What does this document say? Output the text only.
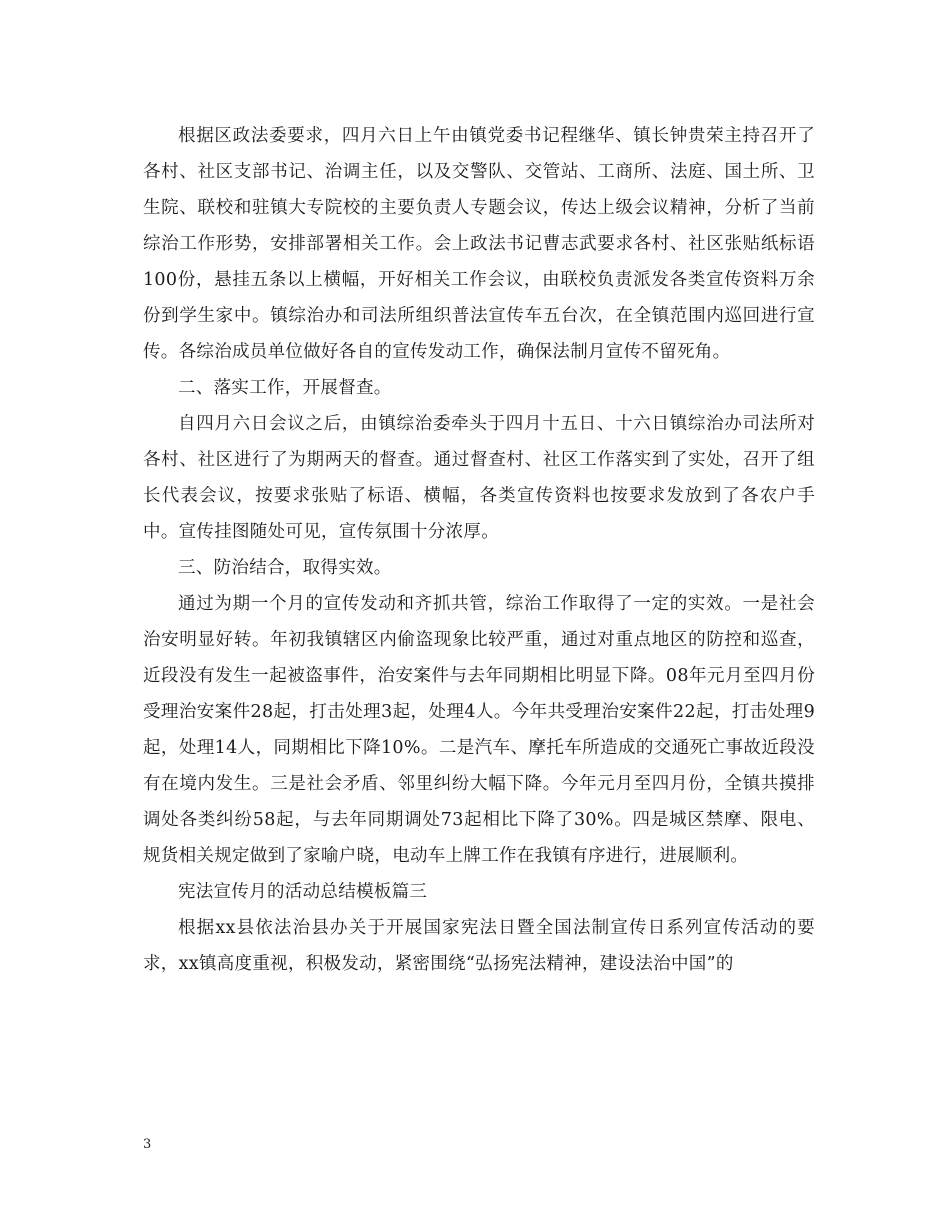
根据区政法委要求，四月六日上午由镇党委书记程继华、镇长钟贵荣主持召开了各村、社区支部书记、治调主任，以及交警队、交管站、工商所、法庭、国土所、卫生院、联校和驻镇大专院校的主要负责人专题会议，传达上级会议精神，分析了当前综治工作形势，安排部署相关工作。会上政法书记曹志武要求各村、社区张贴纸标语100份，悬挂五条以上横幅，开好相关工作会议，由联校负责派发各类宣传资料万余份到学生家中。镇综治办和司法所组织普法宣传车五台次，在全镇范围内巡回进行宣传。各综治成员单位做好各自的宣传发动工作，确保法制月宣传不留死角。

二、落实工作，开展督查。

自四月六日会议之后，由镇综治委牵头于四月十五日、十六日镇综治办司法所对各村、社区进行了为期两天的督查。通过督查村、社区工作落实到了实处，召开了组长代表会议，按要求张贴了标语、横幅，各类宣传资料也按要求发放到了各农户手中。宣传挂图随处可见，宣传氛围十分浓厚。

三、防治结合，取得实效。

通过为期一个月的宣传发动和齐抓共管，综治工作取得了一定的实效。一是社会治安明显好转。年初我镇辖区内偷盗现象比较严重，通过对重点地区的防控和巡查，近段没有发生一起被盗事件，治安案件与去年同期相比明显下降。08年元月至四月份受理治安案件28起，打击处理3起，处理4人。今年共受理治安案件22起，打击处理9起，处理14人，同期相比下降10%。二是汽车、摩托车所造成的交通死亡事故近段没有在境内发生。三是社会矛盾、邻里纠纷大幅下降。今年元月至四月份，全镇共摸排调处各类纠纷58起，与去年同期调处73起相比下降了30%。四是城区禁摩、限电、规货相关规定做到了家喻户晓，电动车上牌工作在我镇有序进行，进展顺利。

宪法宣传月的活动总结模板篇三

根据xx县依法治县办关于开展国家宪法日暨全国法制宣传日系列宣传活动的要求，xx镇高度重视，积极发动，紧密围绕“弘扬宪法精神，建设法治中国”的

3
